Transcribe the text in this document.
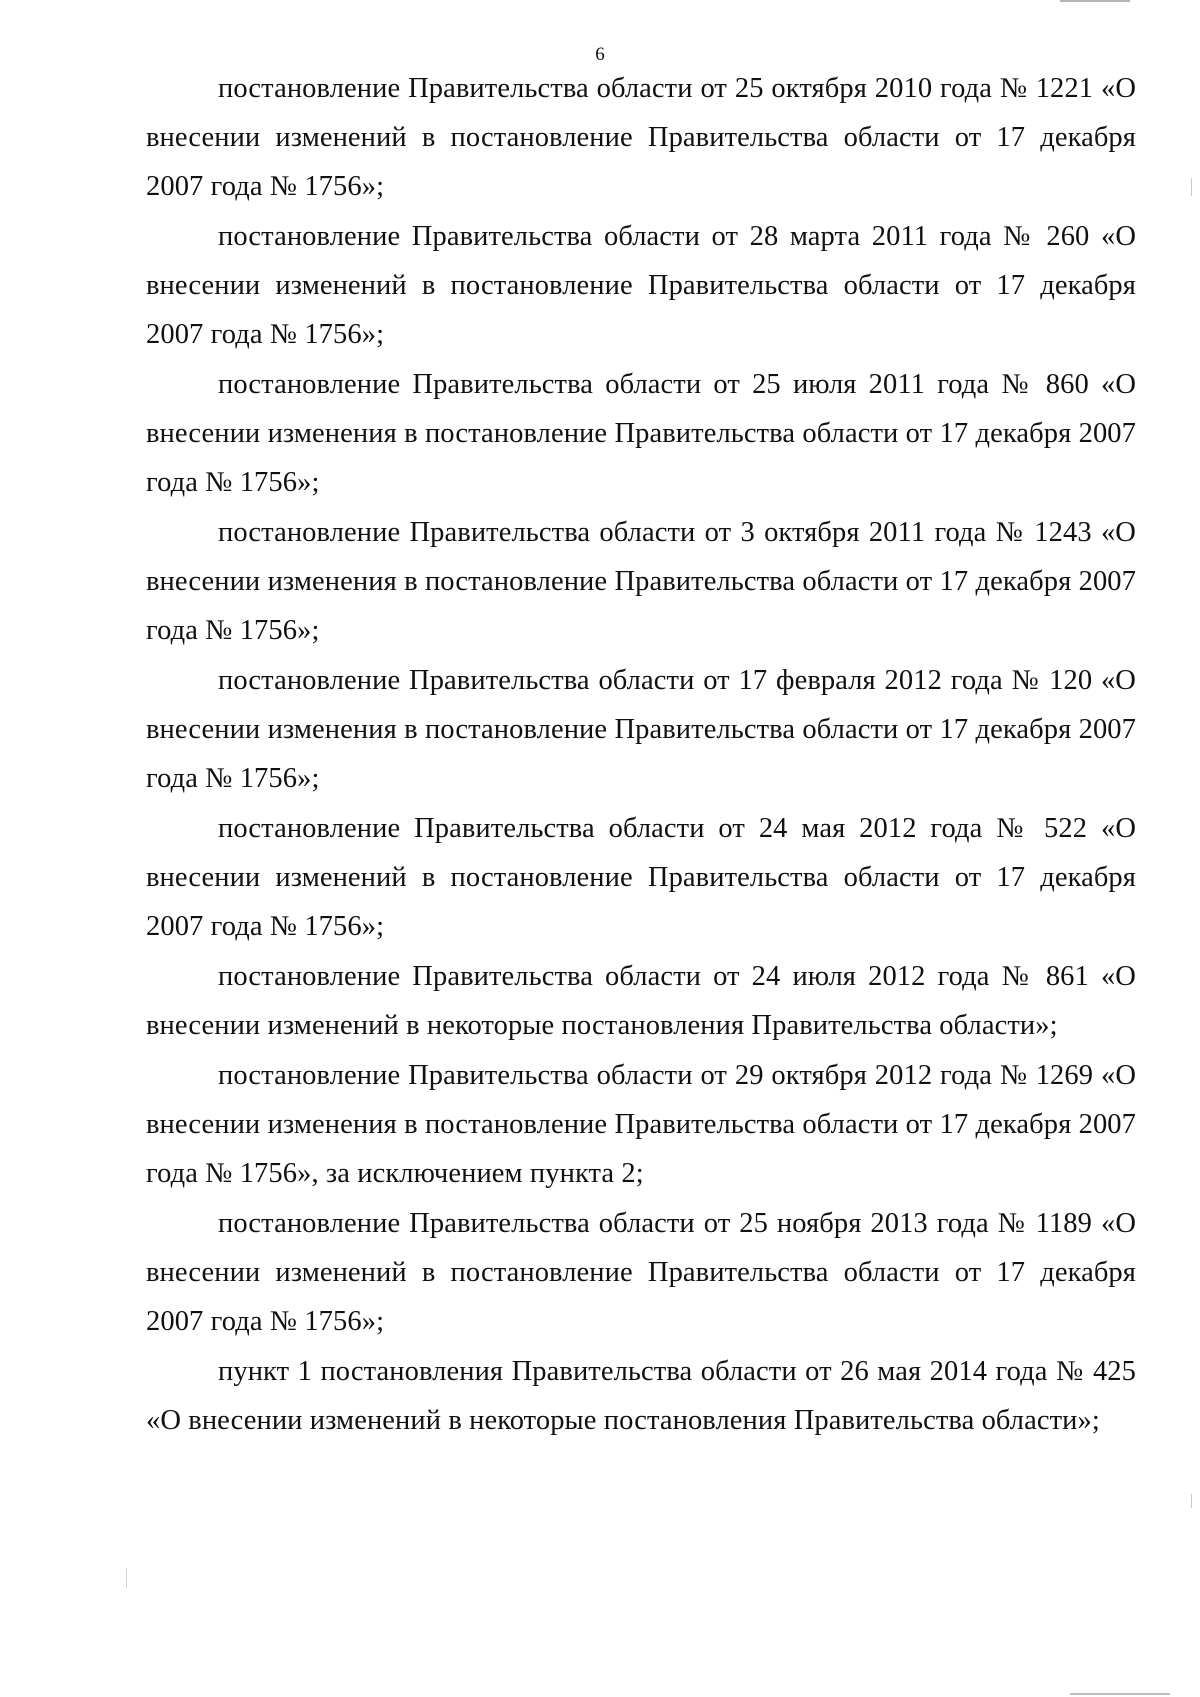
6

постановление Правительства области от 25 октября 2010 года № 1221 «О внесении изменений в постановление Правительства области от 17 декабря 2007 года № 1756»;

постановление Правительства области от 28 марта 2011 года № 260 «О внесении изменений в постановление Правительства области от 17 декабря 2007 года № 1756»;

постановление Правительства области от 25 июля 2011 года № 860 «О внесении изменения в постановление Правительства области от 17 декабря 2007 года № 1756»;

постановление Правительства области от 3 октября 2011 года № 1243 «О внесении изменения в постановление Правительства области от 17 декабря 2007 года № 1756»;

постановление Правительства области от 17 февраля 2012 года № 120 «О внесении изменения в постановление Правительства области от 17 декабря 2007 года № 1756»;

постановление Правительства области от 24 мая 2012 года № 522 «О внесении изменений в постановление Правительства области от 17 декабря 2007 года № 1756»;

постановление Правительства области от 24 июля 2012 года № 861 «О внесении изменений в некоторые постановления Правительства области»;

постановление Правительства области от 29 октября 2012 года № 1269 «О внесении изменения в постановление Правительства области от 17 декабря 2007 года № 1756», за исключением пункта 2;

постановление Правительства области от 25 ноября 2013 года № 1189 «О внесении изменений в постановление Правительства области от 17 декабря 2007 года № 1756»;

пункт 1 постановления Правительства области от 26 мая 2014 года № 425 «О внесении изменений в некоторые постановления Правительства области»;
